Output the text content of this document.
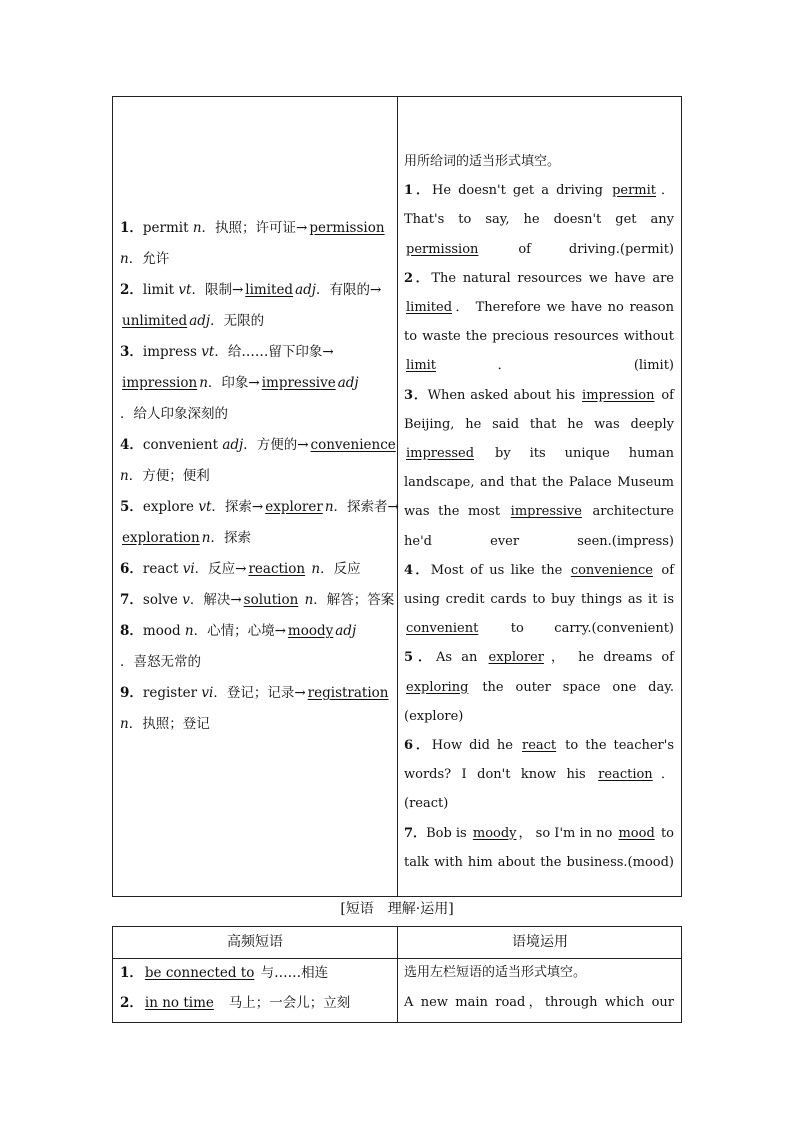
1．permit n．执照；许可证→ permission
n．允许
2．limit vt．限制→ limited adj．有限的→
unlimited adj．无限的
3．impress vt．给……留下印象→
impression n．印象→ impressive adj
．给人印象深刻的
4．convenient adj．方便的→ convenience
n．方便；便利
5．explore vt．探索→ explorer n．探索者→
exploration n．探索
6．react vi．反应→ reaction n．反应
7．solve v．解决→ solution n．解答；答案
8．mood n．心情；心境→ moody adj
．喜怒无常的
9．register vi．登记；记录→ registration
n．执照；登记
用所给词的适当形式填空。
1．He doesn't get a driving permit ． That's to say, he doesn't get any permission	of driving.(permit)
2．The natural resources we have are limited ． Therefore we have no reason to waste the precious resources without limit ． (limit)
3．When asked about his impression of Beijing, he said that he was deeply impressed by its unique human landscape, and that the Palace Museum was the most impressive architecture he'd ever seen.(impress)
4．Most of us like the convenience of using credit cards to buy things as it is convenient to carry.(convenient)
5．As an explorer ， he dreams of exploring the outer space one day.(explore)
6．How did he react to the teacher's words? I don't know his reaction ． (react)
7．Bob is moody ， so I'm in no mood to talk with him about the business.(mood)
[短语　理解·运用]
高频短语	语境运用
1． be connected to 与……相连
2． in no time 马上；一会儿；立刻
选用左栏短语的适当形式填空。
A new main road，through which our
